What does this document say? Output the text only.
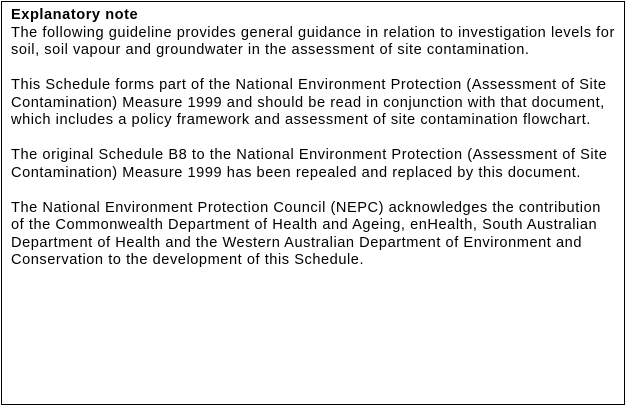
Explanatory note

The following guideline provides general guidance in relation to investigation levels for soil, soil vapour and groundwater in the assessment of site contamination.

This Schedule forms part of the National Environment Protection (Assessment of Site Contamination) Measure 1999 and should be read in conjunction with that document, which includes a policy framework and assessment of site contamination flowchart.

The original Schedule B8 to the National Environment Protection (Assessment of Site Contamination) Measure 1999 has been repealed and replaced by this document.

The National Environment Protection Council (NEPC) acknowledges the contribution of the Commonwealth Department of Health and Ageing, enHealth, South Australian Department of Health and the Western Australian Department of Environment and Conservation to the development of this Schedule.
